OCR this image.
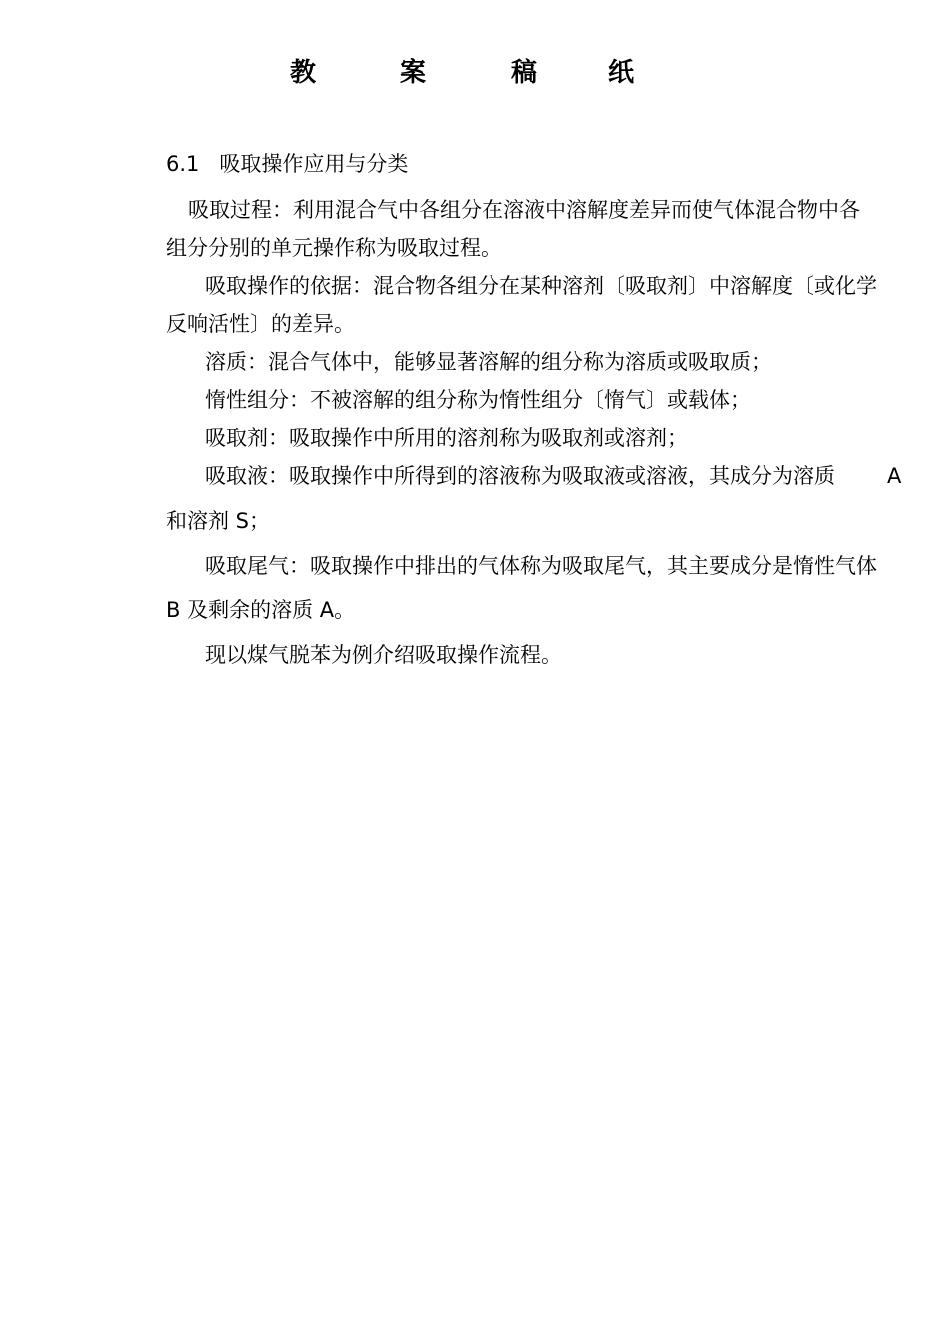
教	案	稿	纸
6.1 吸取操作应用与分类
吸取过程：利用混合气中各组分在溶液中溶解度差异而使气体混合物中各
组分分别的单元操作称为吸取过程。
吸取操作的依据：混合物各组分在某种溶剂〔吸取剂〕中溶解度〔或化学
反响活性〕的差异。
溶质：混合气体中，能够显著溶解的组分称为溶质或吸取质；
惰性组分：不被溶解的组分称为惰性组分〔惰气〕或载体；
吸取剂：吸取操作中所用的溶剂称为吸取剂或溶剂；
吸取液：吸取操作中所得到的溶液称为吸取液或溶液，其成分为溶质 A
和溶剂 S；
吸取尾气：吸取操作中排出的气体称为吸取尾气，其主要成分是惰性气体
B 及剩余的溶质 A。
现以煤气脱苯为例介绍吸取操作流程。
